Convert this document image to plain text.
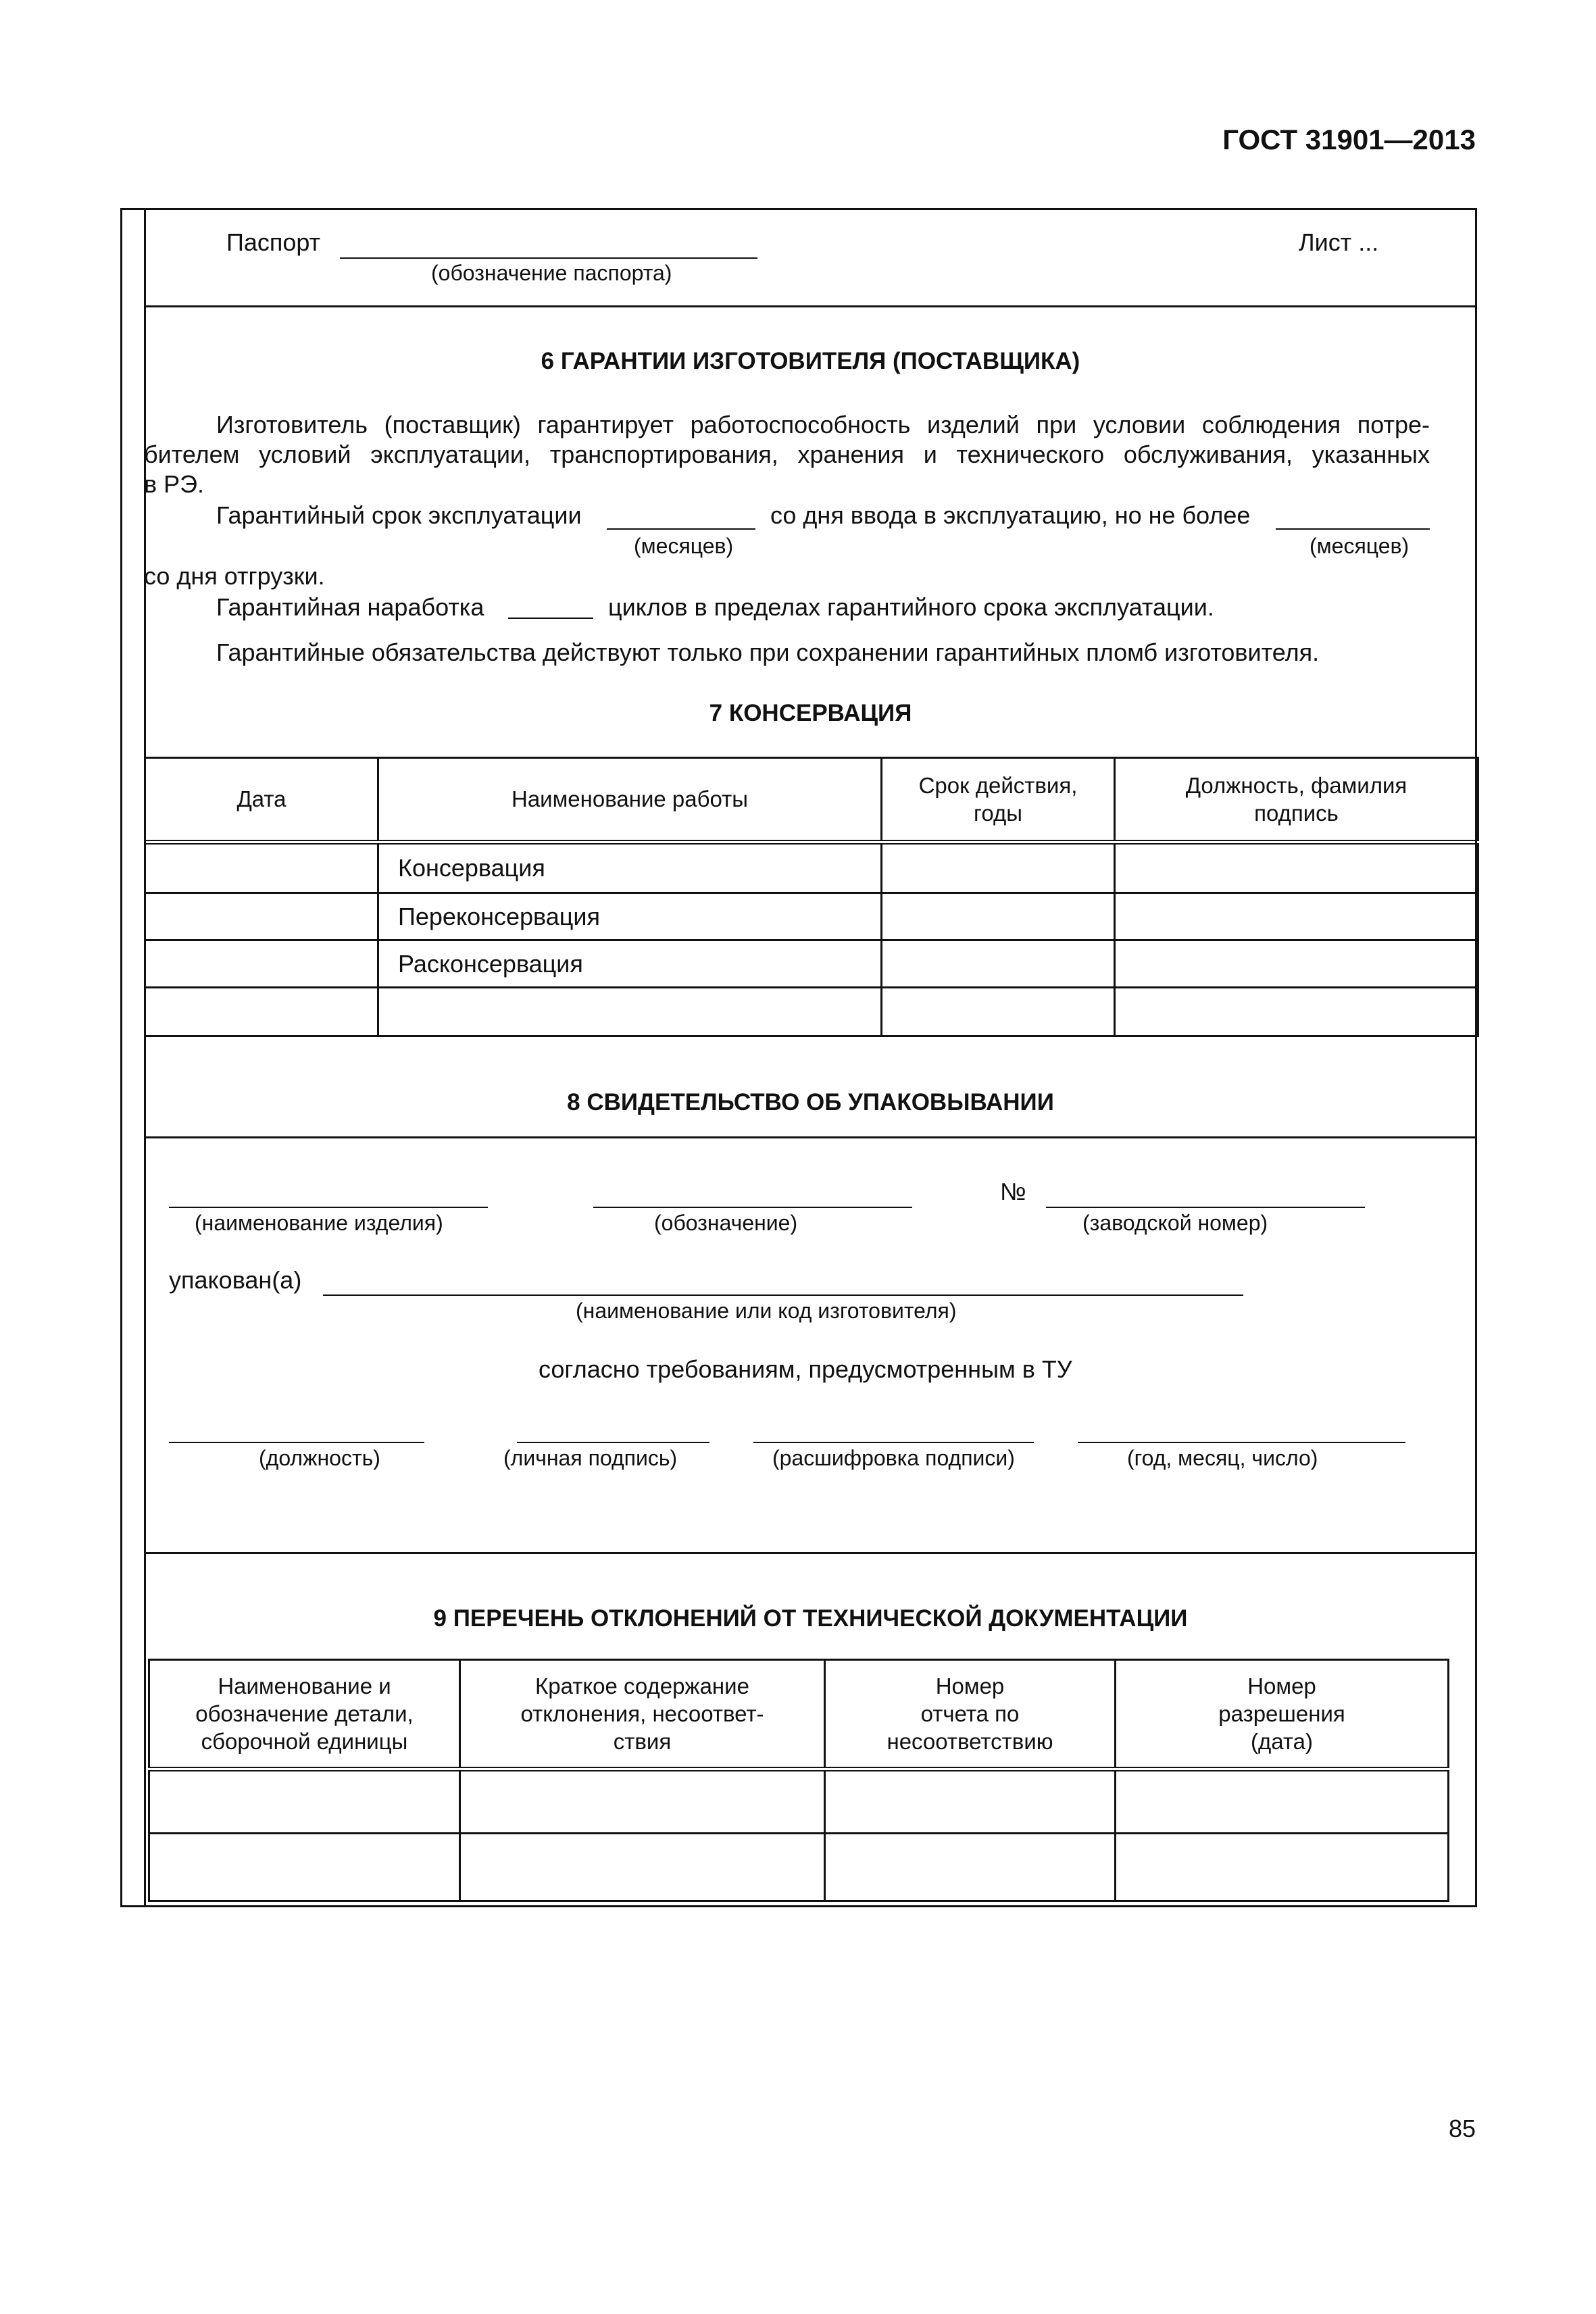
ГОСТ 31901—2013
Паспорт
(обозначение паспорта)
Лист ...
6 ГАРАНТИИ ИЗГОТОВИТЕЛЯ (ПОСТАВЩИКА)
Изготовитель (поставщик) гарантирует работоспособность изделий при условии соблюдения потре-
бителем условий эксплуатации, транспортирования, хранения и технического обслуживания, указанных
в РЭ.
Гарантийный срок эксплуатации	со дня ввода в эксплуатацию, но не более
(месяцев)	(месяцев)
со дня отгрузки.
Гарантийная наработка	циклов в пределах гарантийного срока эксплуатации.
Гарантийные обязательства действуют только при сохранении гарантийных пломб изготовителя.
7 КОНСЕРВАЦИЯ
Дата	Наименование работы	Срок действия,
годы	Должность, фамилия
подпись
	Консервация		
	Переконсервация		
	Расконсервация		

8 СВИДЕТЕЛЬСТВО ОБ УПАКОВЫВАНИИ
(наименование изделия)	(обозначение)
№
(заводской номер)
упакован(а)
(наименование или код изготовителя)
согласно требованиям, предусмотренным в ТУ
(должность)	(личная подпись)	(расшифровка подписи)	(год, месяц, число)
9 ПЕРЕЧЕНЬ ОТКЛОНЕНИЙ ОТ ТЕХНИЧЕСКОЙ ДОКУМЕНТАЦИИ
Наименование и
обозначение детали,
сборочной единицы	Краткое содержание
отклонения, несоответ-
ствия	Номер
отчета по
несоответствию	Номер
разрешения
(дата)

85
